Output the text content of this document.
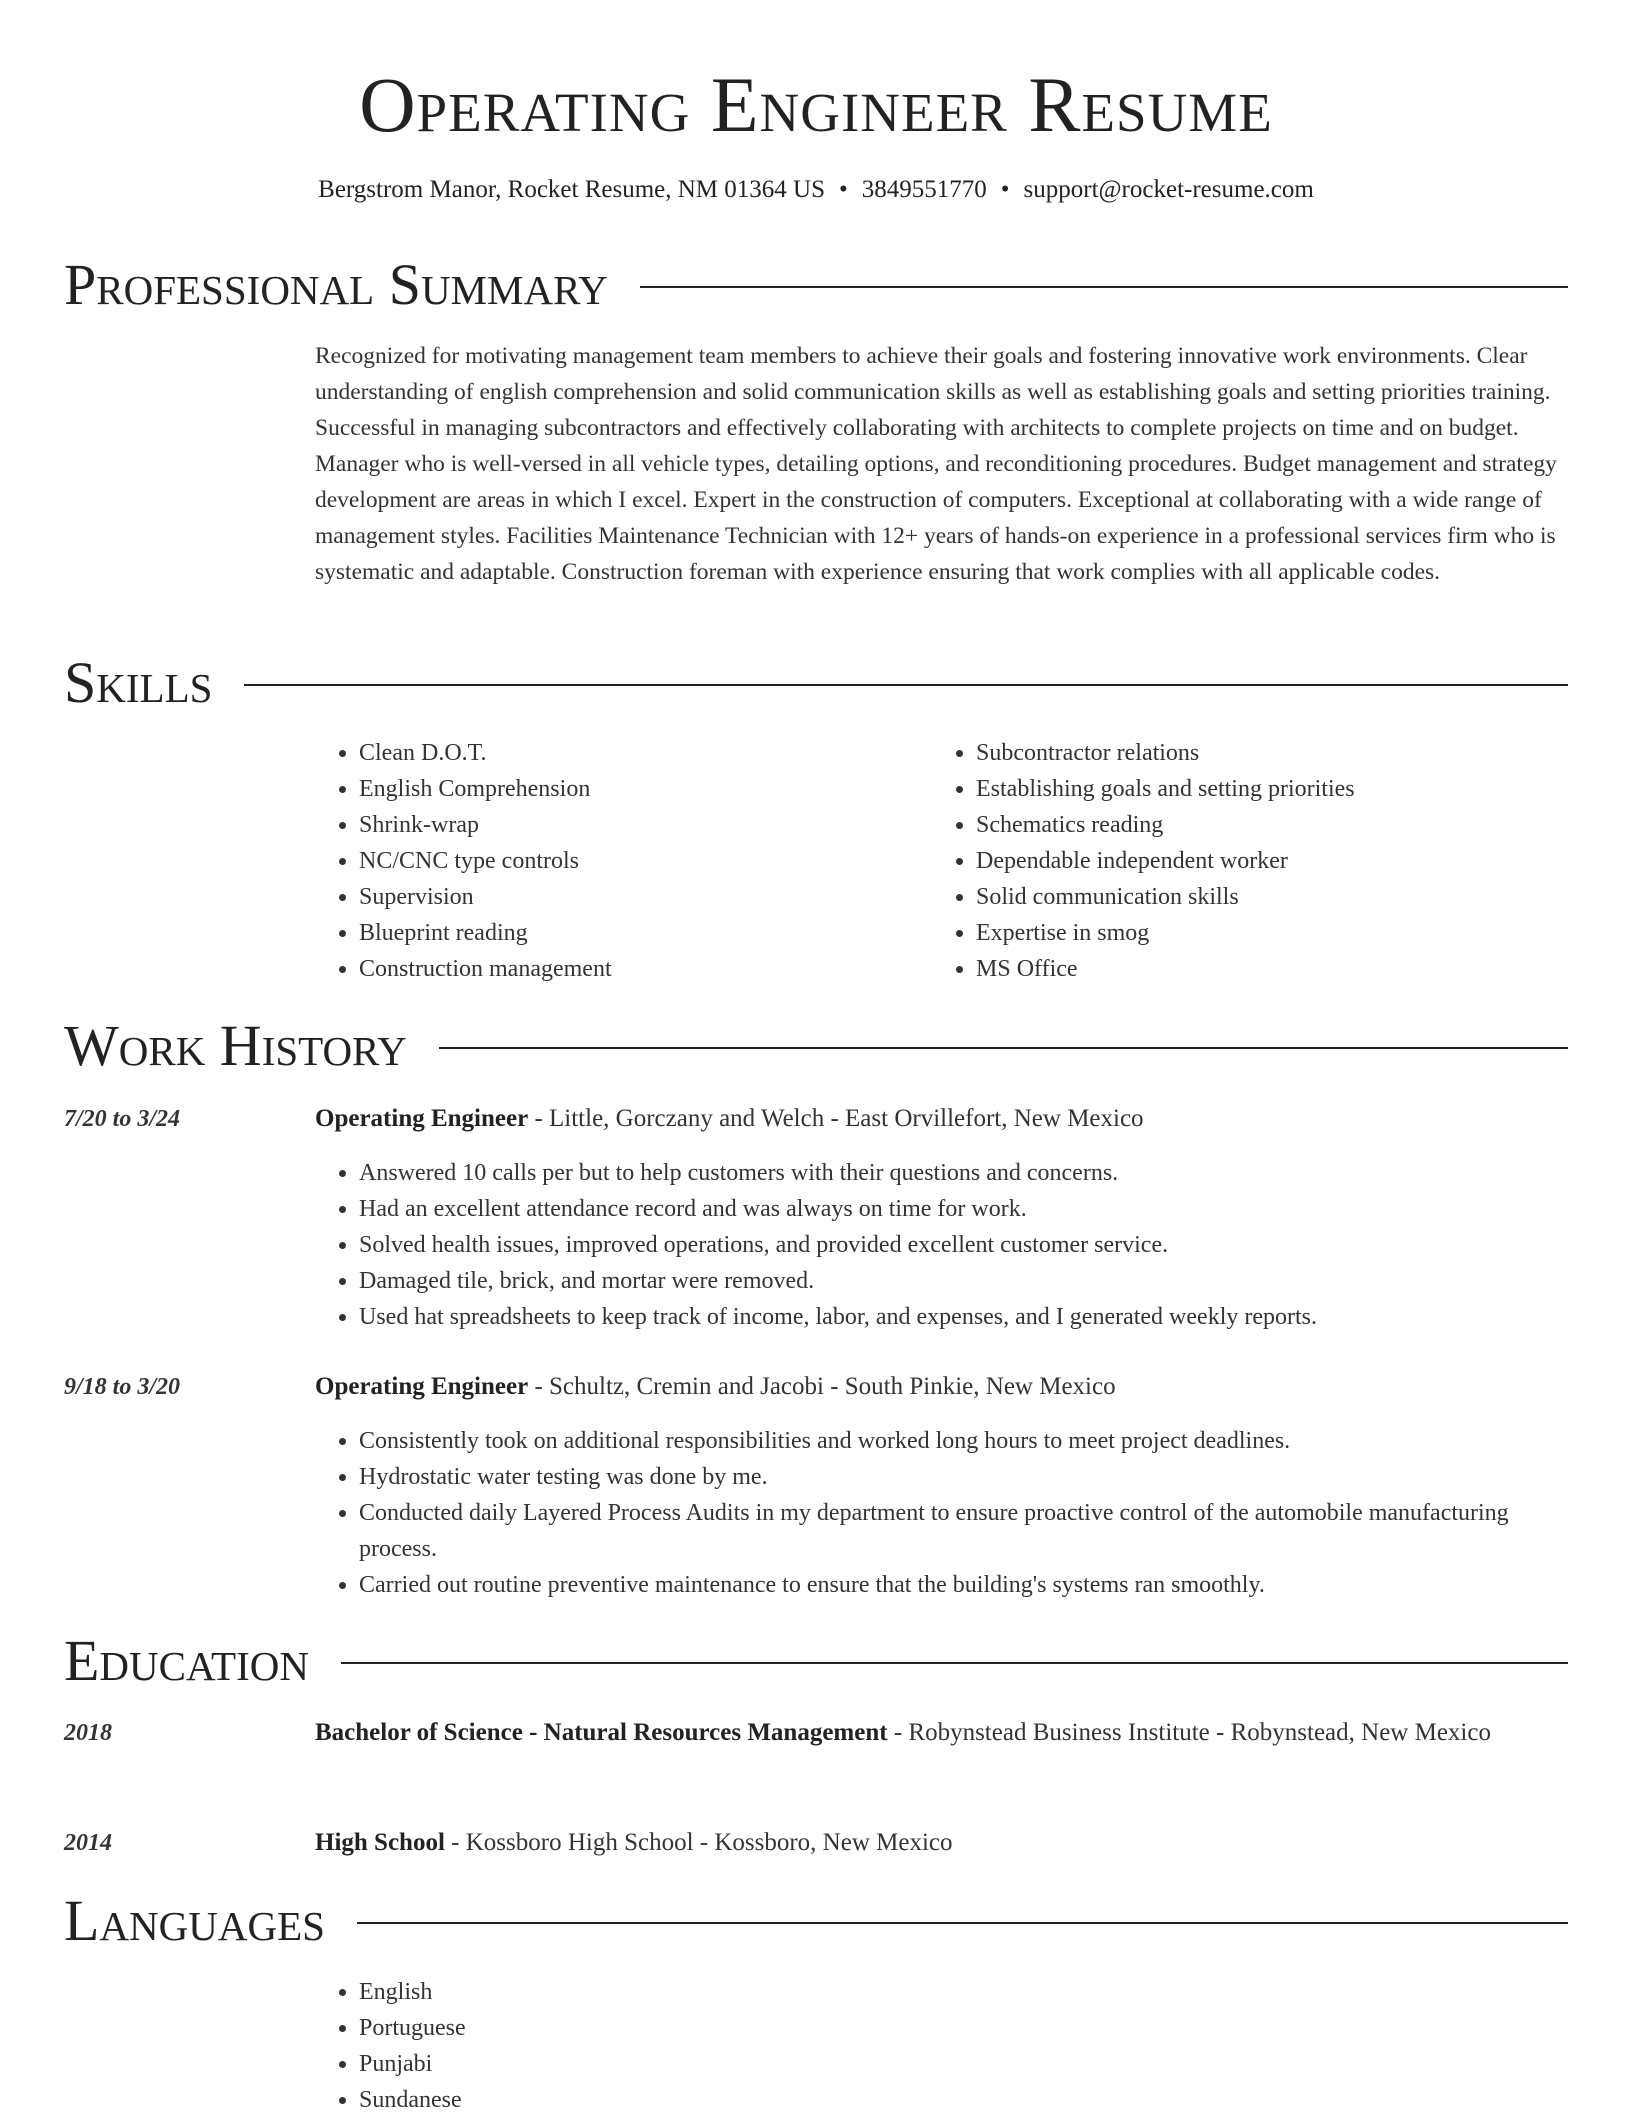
Operating Engineer Resume
Bergstrom Manor, Rocket Resume, NM 01364 US • 3849551770 • support@rocket-resume.com
Professional Summary

Recognized for motivating management team members to achieve their goals and fostering innovative work environments. Clear understanding of english comprehension and solid communication skills as well as establishing goals and setting priorities training. Successful in managing subcontractors and effectively collaborating with architects to complete projects on time and on budget. Manager who is well-versed in all vehicle types, detailing options, and reconditioning procedures. Budget management and strategy development are areas in which I excel. Expert in the construction of computers. Exceptional at collaborating with a wide range of management styles. Facilities Maintenance Technician with 12+ years of hands-on experience in a professional services firm who is systematic and adaptable. Construction foreman with experience ensuring that work complies with all applicable codes.

Skills
• Clean D.O.T.
• English Comprehension
• Shrink-wrap
• NC/CNC type controls
• Supervision
• Blueprint reading
• Construction management
• Subcontractor relations
• Establishing goals and setting priorities
• Schematics reading
• Dependable independent worker
• Solid communication skills
• Expertise in smog
• MS Office
Work History
7/20 to 3/24	Operating Engineer - Little, Gorczany and Welch - East Orvillefort, New Mexico
• Answered 10 calls per but to help customers with their questions and concerns.
• Had an excellent attendance record and was always on time for work.
• Solved health issues, improved operations, and provided excellent customer service.
• Damaged tile, brick, and mortar were removed.
• Used hat spreadsheets to keep track of income, labor, and expenses, and I generated weekly reports.
9/18 to 3/20	Operating Engineer - Schultz, Cremin and Jacobi - South Pinkie, New Mexico
• Consistently took on additional responsibilities and worked long hours to meet project deadlines.
• Hydrostatic water testing was done by me.
• Conducted daily Layered Process Audits in my department to ensure proactive control of the automobile manufacturing process.
• Carried out routine preventive maintenance to ensure that the building's systems ran smoothly.
Education
2018	Bachelor of Science - Natural Resources Management - Robynstead Business Institute - Robynstead, New Mexico
2014	High School - Kossboro High School - Kossboro, New Mexico
Languages
• English
• Portuguese
• Punjabi
• Sundanese
